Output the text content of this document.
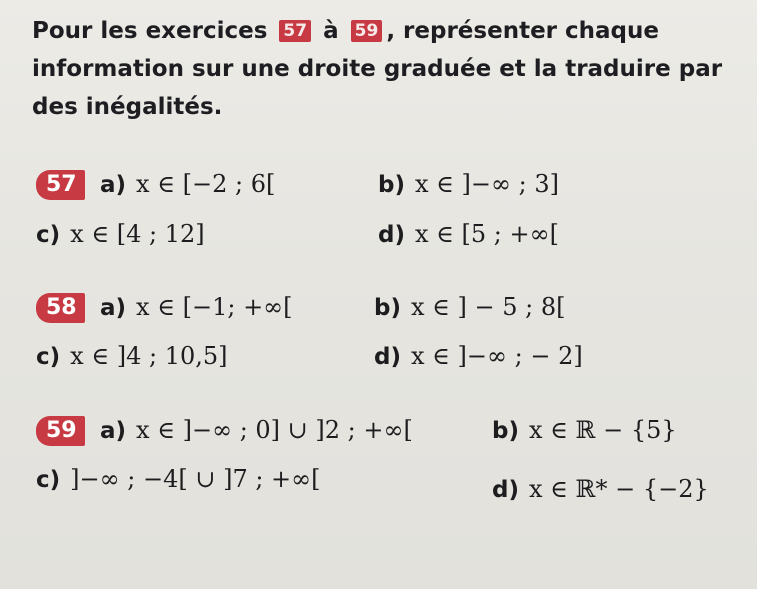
Pour les exercices 57 à 59 , représenter chaque information sur une droite graduée et la traduire par des inégalités.
57	a) x ∈ [−2 ; 6[	b) x ∈ ]−∞ ; 3]
c) x ∈ [4 ; 12]	d) x ∈ [5 ; +∞[
58	a) x ∈ [−1; +∞[	b) x ∈ ] − 5 ; 8[
c) x ∈ ]4 ; 10,5]	d) x ∈ ]−∞ ; − 2]
59	a) x ∈ ]−∞ ; 0] ∪ ]2 ; +∞[	b) x ∈ ℝ − {5}
c) ]−∞ ; −4[ ∪ ]7 ; +∞[	d) x ∈ ℝ* − {−2}
